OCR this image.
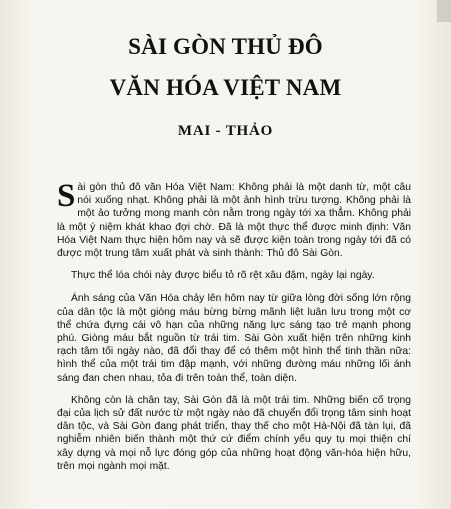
SÀI GÒN THỦ ĐÔ
VĂN HÓA VIỆT NAM
MAI - THẢO

Sài gòn thủ đô văn Hóa Việt Nam: Không phải là một danh từ, một câu nói xuống nhạt. Không phải là một ảnh hình trừu tượng. Không phải là một ảo tưởng mong manh còn nằm trong ngày tới xa thẳm. Không phải là một ý niệm khát khao đợi chờ. Đã là một thực thể được minh định: Văn Hóa Việt Nam thực hiện hôm nay và sẽ được kiện toàn trong ngày tới đã có được một trung tâm xuất phát và sinh thành: Thủ đô Sài Gòn.

Thực thể lóa chói này được biểu tỏ rõ rệt xâu đậm, ngày lại ngày.

Ánh sáng của Văn Hóa chảy lên hôm nay từ giữa lòng đời sống lớn rộng của dân tộc là một giòng máu bừng bừng mãnh liệt luân lưu trong một cơ thể chứa đựng cái vô hạn của những năng lực sáng tạo trẻ mạnh phong phú. Giòng máu bắt nguồn từ trái tim. Sài Gòn xuất hiện trên những kinh rạch tâm tối ngày nào, đã đổi thay để có thêm một hình thể tinh thần nữa: hình thể của một trái tim đập mạnh, với những đường máu những lối ánh sáng đan chen nhau, tỏa đi trên toàn thể, toàn diện.

Không còn là chân tay, Sài Gòn đã là một trái tim. Những biến cố trọng đại của lịch sử đất nước từ một ngày nào đã chuyển đổi trọng tâm sinh hoạt dân tộc, và Sài Gòn đang phát triển, thay thế cho một Hà-Nội đã tàn lụi, đã nghiễm nhiên biến thành một thứ cứ điểm chính yếu quy tụ mọi thiện chí xây dựng và mọi nỗ lực đóng góp của những hoạt động văn-hóa hiện hữu, trên mọi ngành mọi mặt.
